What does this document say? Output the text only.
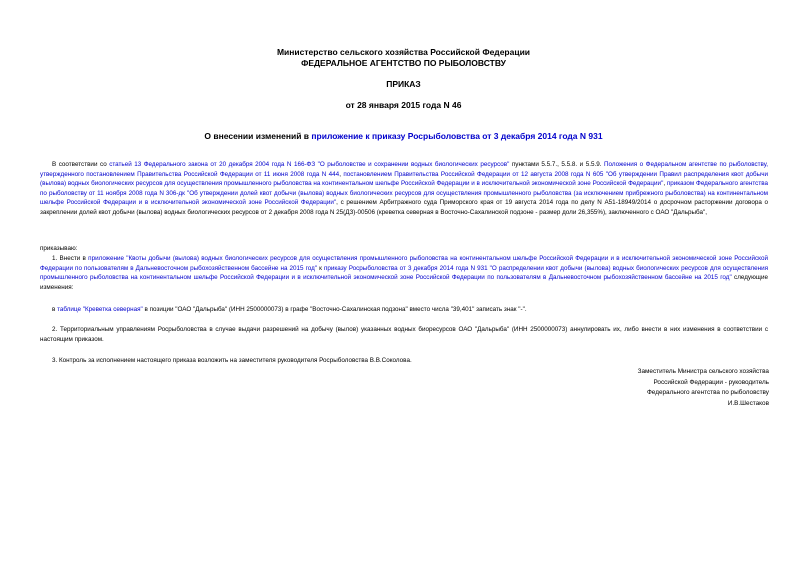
Министерство сельского хозяйства Российской Федерации
ФЕДЕРАЛЬНОЕ АГЕНТСТВО ПО РЫБОЛОВСТВУ
ПРИКАЗ
от 28 января 2015 года N 46
О внесении изменений в приложение к приказу Росрыболовства от 3 декабря 2014 года N 931

В соответствии со статьей 13 Федерального закона от 20 декабря 2004 года N 166-ФЗ "О рыболовстве и сохранении водных биологических ресурсов" пунктами 5.5.7., 5.5.8. и 5.5.9. Положения о Федеральном агентстве по рыболовству, утвержденного постановлением Правительства Российской Федерации от 11 июня 2008 года N 444, постановлением Правительства Российской Федерации от 12 августа 2008 года N 605 "Об утверждении Правил распределения квот добычи (вылова) водных биологических ресурсов для осуществления промышленного рыболовства на континентальном шельфе Российской Федерации и в исключительной экономической зоне Российской Федерации", приказом Федерального агентства по рыболовству от 11 ноября 2008 года N 306-дк "Об утверждении долей квот добычи (вылова) водных биологических ресурсов для осуществления промышленного рыболовства (за исключением прибрежного рыболовства) на континентальном шельфе Российской Федерации и в исключительной экономической зоне Российской Федерации", с решением Арбитражного суда Приморского края от 19 августа 2014 года по делу N А51-18949/2014 о досрочном расторжении договора о закреплении долей квот добычи (вылова) водных биологических ресурсов от 2 декабря 2008 года N 25(ДЗ)-00506 (креветка северная в Восточно-Сахалинской подзоне - размер доли 26,355%), заключенного с ОАО "Дальрыба",

приказываю:

1. Внести в приложение "Квоты добычи (вылова) водных биологических ресурсов для осуществления промышленного рыболовства на континентальном шельфе Российской Федерации и в исключительной экономической зоне Российской Федерации по пользователям в Дальневосточном рыбохозяйственном бассейне на 2015 год" к приказу Росрыболовства от 3 декабря 2014 года N 931 "О распределении квот добычи (вылова) водных биологических ресурсов для осуществления промышленного рыболовства на континентальном шельфе Российской Федерации и в исключительной экономической зоне Российской Федерации по пользователям в Дальневосточном рыбохозяйственном бассейне на 2015 год" следующие изменения:

в таблице "Креветка северная" в позиции "ОАО "Дальрыба" (ИНН 2500000073) в графе "Восточно-Сахалинская подзона" вместо числа "39,401" записать знак "-".

2. Территориальным управлениям Росрыболовства в случае выдачи разрешений на добычу (вылов) указанных водных биоресурсов ОАО "Дальрыба" (ИНН 2500000073) аннулировать их, либо внести в них изменения в соответствии с настоящим приказом.

3. Контроль за исполнением настоящего приказа возложить на заместителя руководителя Росрыболовства В.В.Соколова.

Заместитель Министра сельского хозяйства
Российской Федерации - руководитель
Федерального агентства по рыболовству
И.В.Шестаков
